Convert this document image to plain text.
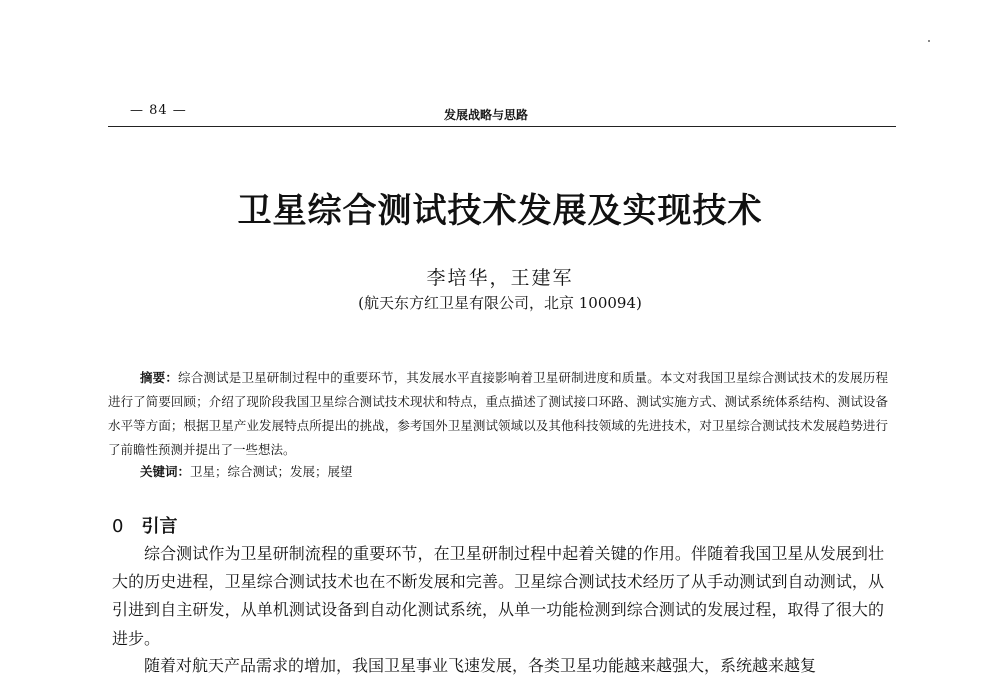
— 84 —	发展战略与思路
卫星综合测试技术发展及实现技术
李培华，王建军
(航天东方红卫星有限公司，北京 100094)

摘要：综合测试是卫星研制过程中的重要环节，其发展水平直接影响着卫星研制进度和质量。本文对我国卫星综合测试技术的发展历程进行了简要回顾；介绍了现阶段我国卫星综合测试技术现状和特点，重点描述了测试接口环路、测试实施方式、测试系统体系结构、测试设备水平等方面；根据卫星产业发展特点所提出的挑战，参考国外卫星测试领域以及其他科技领域的先进技术，对卫星综合测试技术发展趋势进行了前瞻性预测并提出了一些想法。

关键词：卫星；综合测试；发展；展望
0 引言

综合测试作为卫星研制流程的重要环节，在卫星研制过程中起着关键的作用。伴随着我国卫星从发展到壮大的历史进程，卫星综合测试技术也在不断发展和完善。卫星综合测试技术经历了从手动测试到自动测试，从引进到自主研发，从单机测试设备到自动化测试系统，从单一功能检测到综合测试的发展过程，取得了很大的进步。

随着对航天产品需求的增加，我国卫星事业飞速发展，各类卫星功能越来越强大，系统越来越复
